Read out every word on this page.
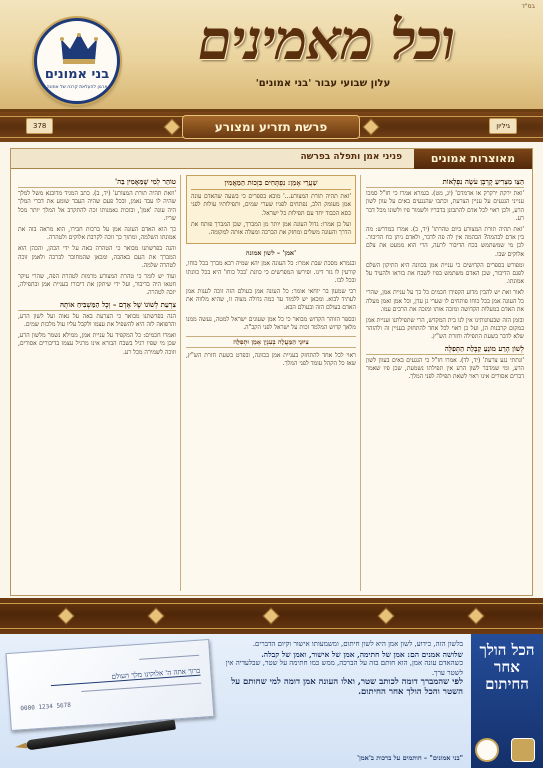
בס"ד
וכל מאמינים
עלון שבועי עבור 'בני אמונים'
בני אמונים
ארגון להעלאת קרנה של אמונה
גיליון
פרשת תזריע ומצורע
378
מאוצרות אמונים
פניני אמן ותפלה בפרשה
הַצַּו מַצְרִיעַ קָרְבָּן עֹשֶׂה נִפְלָאוֹת

'ואת ירקת ירקרק או אדמדם' (יג, מט). בגמרא אמרו כי חז"ל סמכו ענייני הנגעים על עניין הצרעת, וכתבו שהנגעים באים על עוון לשון הרע, ולכן ראוי לכל אדם להתבונן בדבריו ולשמור פיו ולשונו מכל דבר רע.

'זאת תהיה תורת המצורע ביום טהרתו' (יד, ב). אמרו במדרש: מה בין אדם לבהמה? הבהמה אין לה פה לדבר, ולאדם ניתן כח הדיבור. לכן מי שמשתמש בכח הדיבור לרעה, הרי הוא ממעט את צלם אלוקים שבו.

ומפורש בספרים הקדושים כי עניית אמן בכוונה היא התיקון השלם לפגם הדיבור, שכן האדם משתמש בפיו לשבח את בוראו ולהעיד על אמונתו.

לאור זאת יש להבין מדוע הקפידו חכמים כל כך על עניית אמן, שהרי כל העונה אמן בכל כוחו פותחים לו שערי גן עדן, וכל אמן ואמן מעלה את האדם במעלות הקדושה ומזכה אותו ומזכה את הרבים עמו.

ובזמן הזה שבעוונותינו אין לנו בית המקדש, הרי שתפילתנו ועניית אמן במקום קרבנות הן, ועל כן ראוי לכל אחד להתחזק בעניין זה ולהזהר שלא לדבר בשעת התפילה וחזרת הש"ץ.

לְשׁוֹן הָרַע מוֹנֵעַ קַבָּלַת הַתְּפִלָּה

'ונתתי נגע צרעת' (יד, לד). אמרו חז"ל כי הנגעים באים בעוון לשון הרע, ומי שמדבר לשון הרע אין תפילתו נשמעת, שכן פיו שאמר דברים אסורים אינו ראוי לשאת תפילה לפני המלך.

שַׁעֲרֵי אָמֵן: נִפְתָּחִים בִּזְכוּת הַמַּאֲמִין

'זאת תהיה תורת המצורע...' מובא בספרים כי בשעה שהאדם עונה אמן מעומק הלב, נפתחים לפניו שערי שמים, ותפילותיו עולות לפני כסא הכבוד יחד עם תפילות כל ישראל.

ועל כן אמרו: גדול העונה אמן יותר מן המברך, שכן המברך פותח את הדרך והעונה משלים ומחזק את הברכה ומעלה אותה למקומה.

'אמן' – לשון אמונה

ובגמרא מסכת שבת אמרו: כל העונה אמן יהא שמיה רבא מברך בכל כוחו, קורעין לו גזר דינו. ופירשו המפרשים כי כוונת 'בכל כוחו' היא בכל כוונתו ובכל לבו.

רבי שמעון בר יוחאי אומר: כל העונה אמן בעולם הזה זוכה לענות אמן לעתיד לבוא. ומכאן יש ללמוד עד כמה גדולה מצוה זו, שהיא מלווה את האדם בעולם הזה ובעולם הבא.

ובספר הזוהר הקדוש מבואר כי כל אמן שעונים ישראל למטה, נעשה ממנו מלאך קדוש המלמד זכות על ישראל לפני הקב"ה.

צִיּוּנֵי הַמַּעֲלָה בְּעִנְיַן אָמֵן וּתְפִלָּה

ראוי לכל אחד להתחזק בעניית אמן בכוונה, ובפרט בשעת חזרת הש"ץ, שאז כל הקהל עומד לפני המלך.

טוֹהַר לְמִי שֶׁמַּאֲמִין בַּה'

'וזאת תהיה תורת המצורע' (יד, ב). כתב המגיד מדובנא משל למלך שהיה לו עבד נאמן, ובכל פעם שהיה העבד שומע את דברי המלך היה עונה 'אמן', ובזכות נאמנותו זכה להתקרב אל המלך יותר מכל שריו.

כך הוא האדם העונה אמן על ברכות חבירו, הוא מראה בזה את אמונתו השלמה, ומתוך כך זוכה לקרבת אלוקים ולטהרה.

והנה בפרשתנו מבואר כי הטהרה באה על ידי הכהן, והכהן הוא המברך את העם באהבה, ומכאן שהמחובר לברכה ולאמן זוכה לטהרה שלמה.

ועוד יש לומר כי טהרת המצורע מרמזת לטהרת הפה, שהרי עיקר חטאו היה בדיבור, ועל ידי שיתקן את דיבורו בעניית אמן ובתפילה, יזכה לטהרה.

צִרְעַת לְשׁוֹנוֹ שֶׁל אָדָם – וְכָל הַמַּשְׁבִּיחַ אוֹתָהּ

הנה בפרשתנו מבואר כי הצרעת באה על גאוה ועל לשון הרע, והרפואה לזה היא להשפיל את עצמו ולקבל עליו עול מלכות שמים.

ואמרו חכמים: כל המקפיד על עניית אמן, ממילא נשמר מלשון הרע, שכן מי שפיו רגיל בשבח הבורא אינו מרגיל עצמו בדיבורים אסורים, וזוכה לשמירה מכל רע.

הכל הולך אחר החיתום

בלשון הזה, כידוע, לשון אמן היא לשון חיתום, ומשמעותו אישור וקיום הדברים.

שלושה אמנים הם: אמן של חתימה, אמן של אישור, ואמן של קבלה.

כשהאדם עונה אמן, הוא חותם בזה על הברכה, ממש כמו חתימה על שטר, שבלעדיה אין לשטר ערך.

לפי שהמברך דומה לכותב שטר, ואלו העונה אמן דומה למי שחותם על השטר והכל הולך אחר החיתום.

"בני אמונים" – חותמים על ברכות ב'אמן'
ברוך אתה ה' אלוקינו מלך העולם
0000 1234 5678
